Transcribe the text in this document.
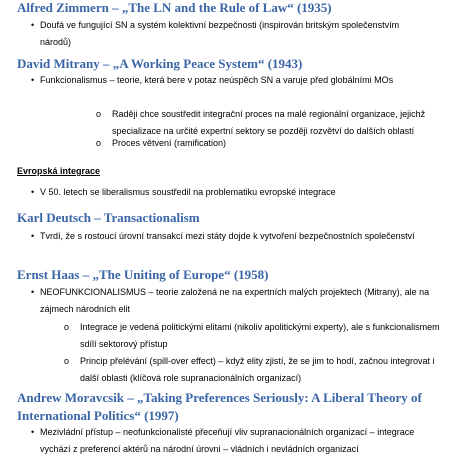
Alfred Zimmern – „The LN and the Rule of Law“ (1935)
• Doufá ve fungující SN a systém kolektivní bezpečnosti (inspirován britským společenstvím národů)
David Mitrany – „A Working Peace System“ (1943)
• Funkcionalismus – teorie, která bere v potaz neúspěch SN a varuje před globálními MOs
o Raději chce soustředit integrační proces na malé regionální organizace, jejichž specializace na určité expertní sektory se později rozvětví do dalších oblastí
o Proces větvení (ramification)
Evropská integrace
• V 50. letech se liberalismus soustředil na problematiku evropské integrace
Karl Deutsch – Transactionalism
• Tvrdí, že s rostoucí úrovní transakcí mezi státy dojde k vytvoření bezpečnostních společenství
Ernst Haas – „The Uniting of Europe“ (1958)
• NEOFUNKCIONALISMUS – teorie založená ne na expertních malých projektech (Mitrany), ale na zájmech národních elit
o Integrace je vedená politickými elitami (nikoliv apolitickými experty), ale s funkcionalismem sdílí sektorový přístup
o Princip přelévání (spill-over effect) – když elity zjistí, že se jim to hodí, začnou integrovat i další oblasti (klíčová role supranacionálních organizací)
Andrew Moravcsik – „Taking Preferences Seriously: A Liberal Theory of International Politics“ (1997)
• Mezivládní přístup – neofunkcionalisté přeceňují vliv supranacionálních organizací – integrace vychází z preferencí aktérů na národní úrovni – vládních i nevládních organizací
